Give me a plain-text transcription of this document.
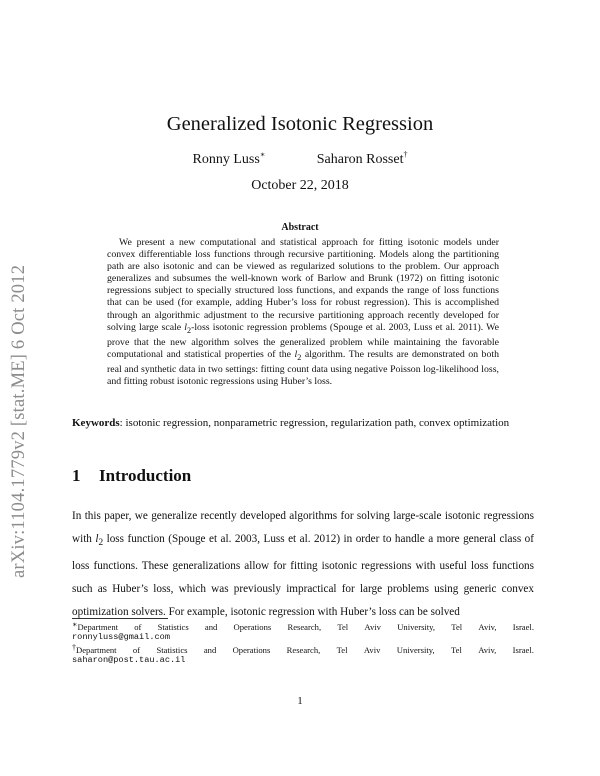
arXiv:1104.1779v2 [stat.ME] 6 Oct 2012
Generalized Isotonic Regression
Ronny Luss∗	Saharon Rosset†
October 22, 2018
Abstract
We present a new computational and statistical approach for fitting isotonic models under convex differentiable loss functions through recursive partitioning. Models along the partitioning path are also isotonic and can be viewed as regularized solutions to the problem. Our approach generalizes and subsumes the well-known work of Barlow and Brunk (1972) on fitting isotonic regressions subject to specially structured loss functions, and expands the range of loss functions that can be used (for example, adding Huber’s loss for robust regression). This is accomplished through an algorithmic adjustment to the recursive partitioning approach recently developed for solving large scale $l_2$-loss isotonic regression problems (Spouge et al. 2003, Luss et al. 2011). We prove that the new algorithm solves the generalized problem while maintaining the favorable computational and statistical properties of the $l_2$ algorithm. The results are demonstrated on both real and synthetic data in two settings: fitting count data using negative Poisson log-likelihood loss, and fitting robust isotonic regressions using Huber’s loss.
Keywords: isotonic regression, nonparametric regression, regularization path, convex optimization
1 Introduction
In this paper, we generalize recently developed algorithms for solving large-scale isotonic regressions with $l_2$ loss function (Spouge et al. 2003, Luss et al. 2012) in order to handle a more general class of loss functions. These generalizations allow for fitting isotonic regressions with useful loss functions such as Huber’s loss, which was previously impractical for large problems using generic convex optimization solvers. For example, isotonic regression with Huber’s loss can be solved
∗Department of Statistics and Operations Research, Tel Aviv University, Tel Aviv, Israel.
ronnyluss@gmail.com
†Department of Statistics and Operations Research, Tel Aviv University, Tel Aviv, Israel.
saharon@post.tau.ac.il
1
